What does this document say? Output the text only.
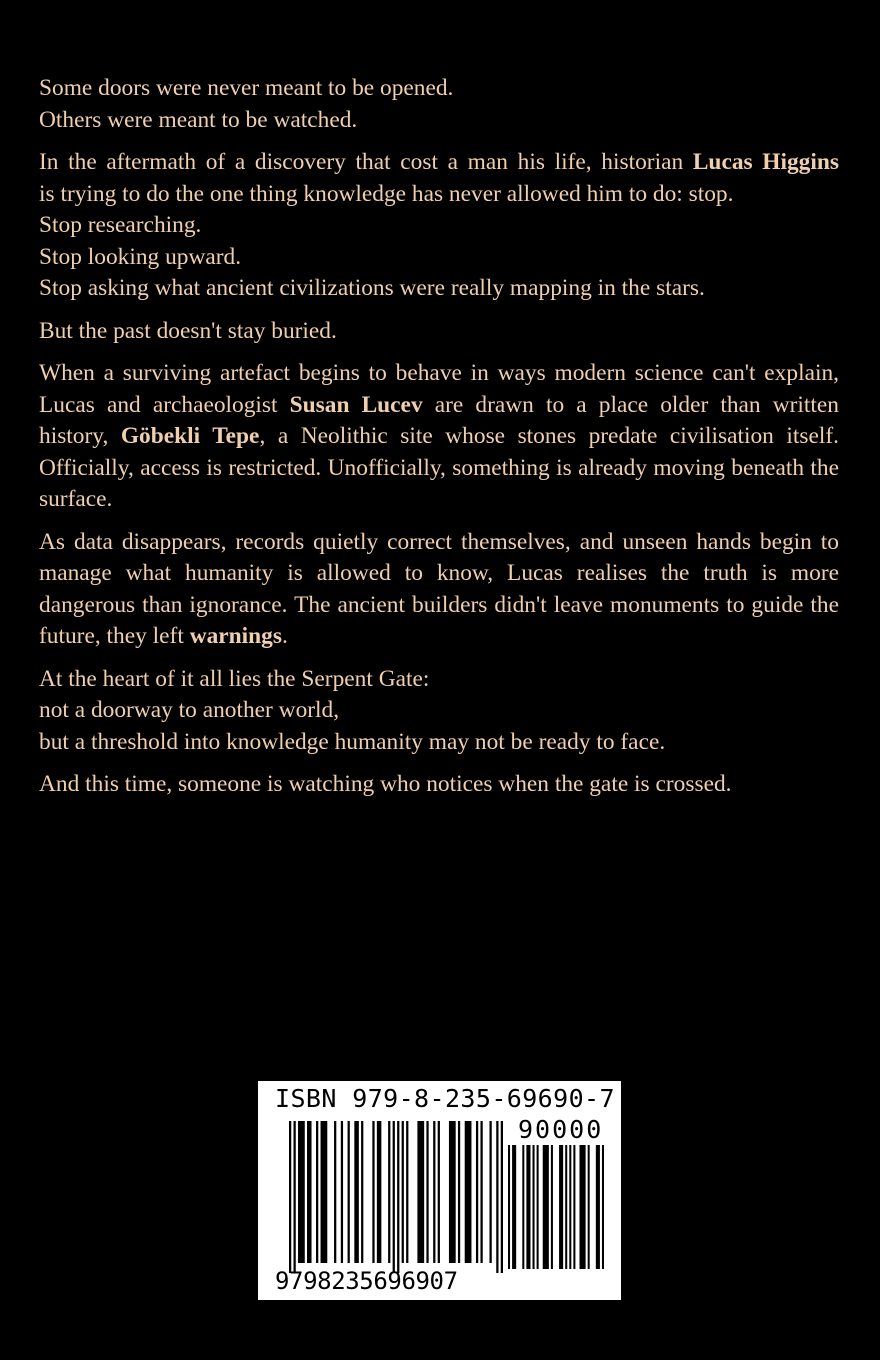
Some doors were never meant to be opened.
Others were meant to be watched.

In the aftermath of a discovery that cost a man his life, historian Lucas Higgins
is trying to do the one thing knowledge has never allowed him to do: stop.
Stop researching.
Stop looking upward.
Stop asking what ancient civilizations were really mapping in the stars.

But the past doesn't stay buried.

When a surviving artefact begins to behave in ways modern science can't explain, Lucas and archaeologist Susan Lucev are drawn to a place older than written history, Göbekli Tepe, a Neolithic site whose stones predate civilisation itself. Officially, access is restricted. Unofficially, something is already moving beneath the surface.

As data disappears, records quietly correct themselves, and unseen hands begin to manage what humanity is allowed to know, Lucas realises the truth is more dangerous than ignorance. The ancient builders didn't leave monuments to guide the future, they left warnings.

At the heart of it all lies the Serpent Gate:
not a doorway to another world,
but a threshold into knowledge humanity may not be ready to face.

And this time, someone is watching who notices when the gate is crossed.

ISBN 979-8-235-69690-7
90000
9798235696907
